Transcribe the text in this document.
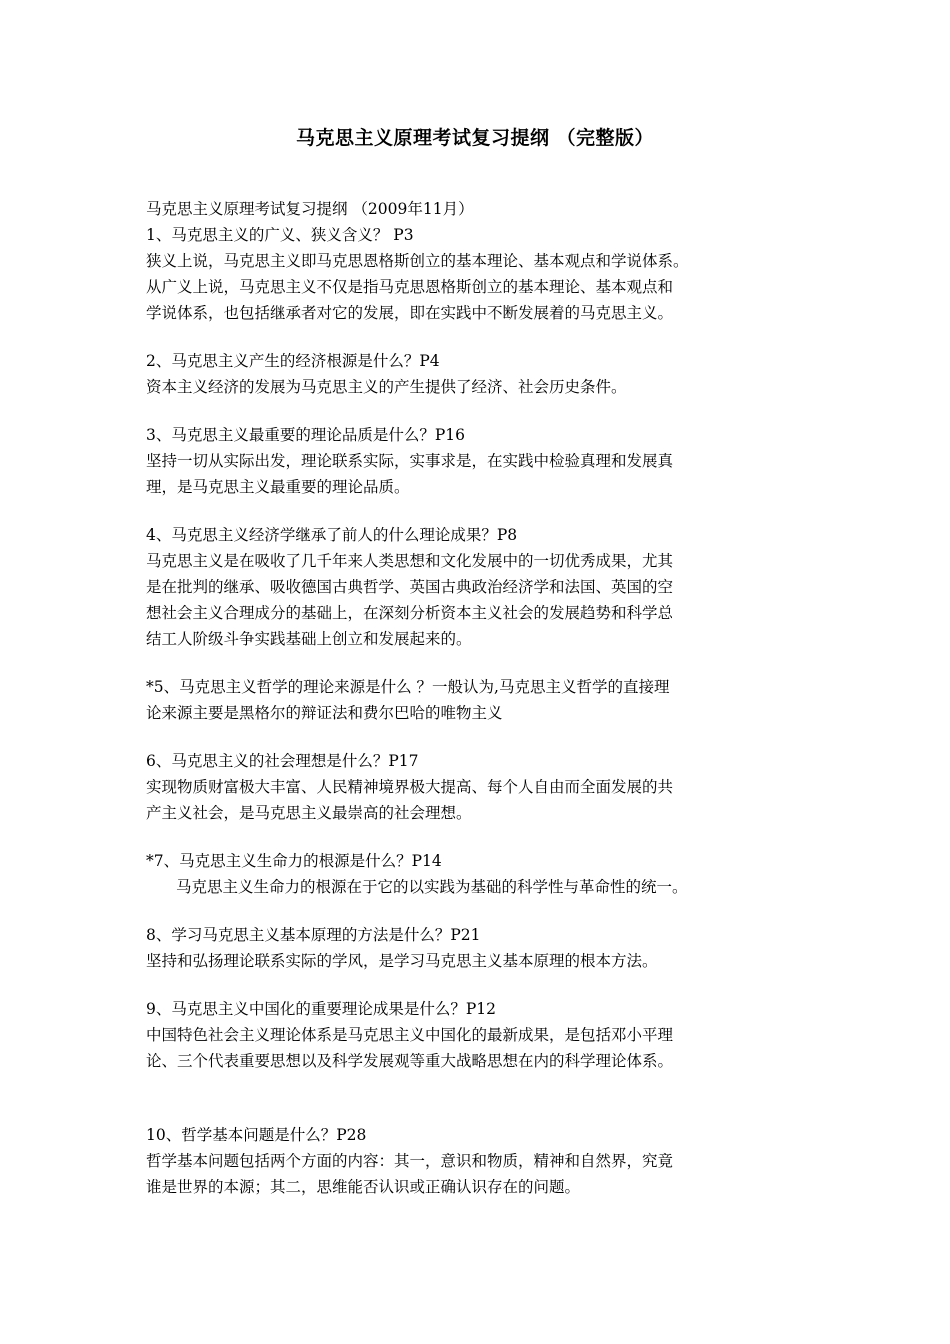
马克思主义原理考试复习提纲 （完整版）
马克思主义原理考试复习提纲 （2009年11月）
1、马克思主义的广义、狭义含义？ P3
狭义上说，马克思主义即马克思恩格斯创立的基本理论、基本观点和学说体系。
从广义上说，马克思主义不仅是指马克思恩格斯创立的基本理论、基本观点和
学说体系，也包括继承者对它的发展，即在实践中不断发展着的马克思主义。
2、马克思主义产生的经济根源是什么？P4
资本主义经济的发展为马克思主义的产生提供了经济、社会历史条件。
3、马克思主义最重要的理论品质是什么？P16
坚持一切从实际出发，理论联系实际，实事求是，在实践中检验真理和发展真
理，是马克思主义最重要的理论品质。
4、马克思主义经济学继承了前人的什么理论成果？P8
马克思主义是在吸收了几千年来人类思想和文化发展中的一切优秀成果，尤其
是在批判的继承、吸收德国古典哲学、英国古典政治经济学和法国、英国的空
想社会主义合理成分的基础上，在深刻分析资本主义社会的发展趋势和科学总
结工人阶级斗争实践基础上创立和发展起来的。
*5、马克思主义哲学的理论来源是什么 ？一般认为,马克思主义哲学的直接理
论来源主要是黑格尔的辩证法和费尔巴哈的唯物主义
6、马克思主义的社会理想是什么？P17
实现物质财富极大丰富、人民精神境界极大提高、每个人自由而全面发展的共
产主义社会，是马克思主义最崇高的社会理想。
*7、马克思主义生命力的根源是什么？P14
马克思主义生命力的根源在于它的以实践为基础的科学性与革命性的统一。
8、学习马克思主义基本原理的方法是什么？P21
坚持和弘扬理论联系实际的学风，是学习马克思主义基本原理的根本方法。
9、马克思主义中国化的重要理论成果是什么？P12
中国特色社会主义理论体系是马克思主义中国化的最新成果，是包括邓小平理
论、三个代表重要思想以及科学发展观等重大战略思想在内的科学理论体系。
10、哲学基本问题是什么？P28
哲学基本问题包括两个方面的内容：其一，意识和物质，精神和自然界，究竟
谁是世界的本源；其二，思维能否认识或正确认识存在的问题。
